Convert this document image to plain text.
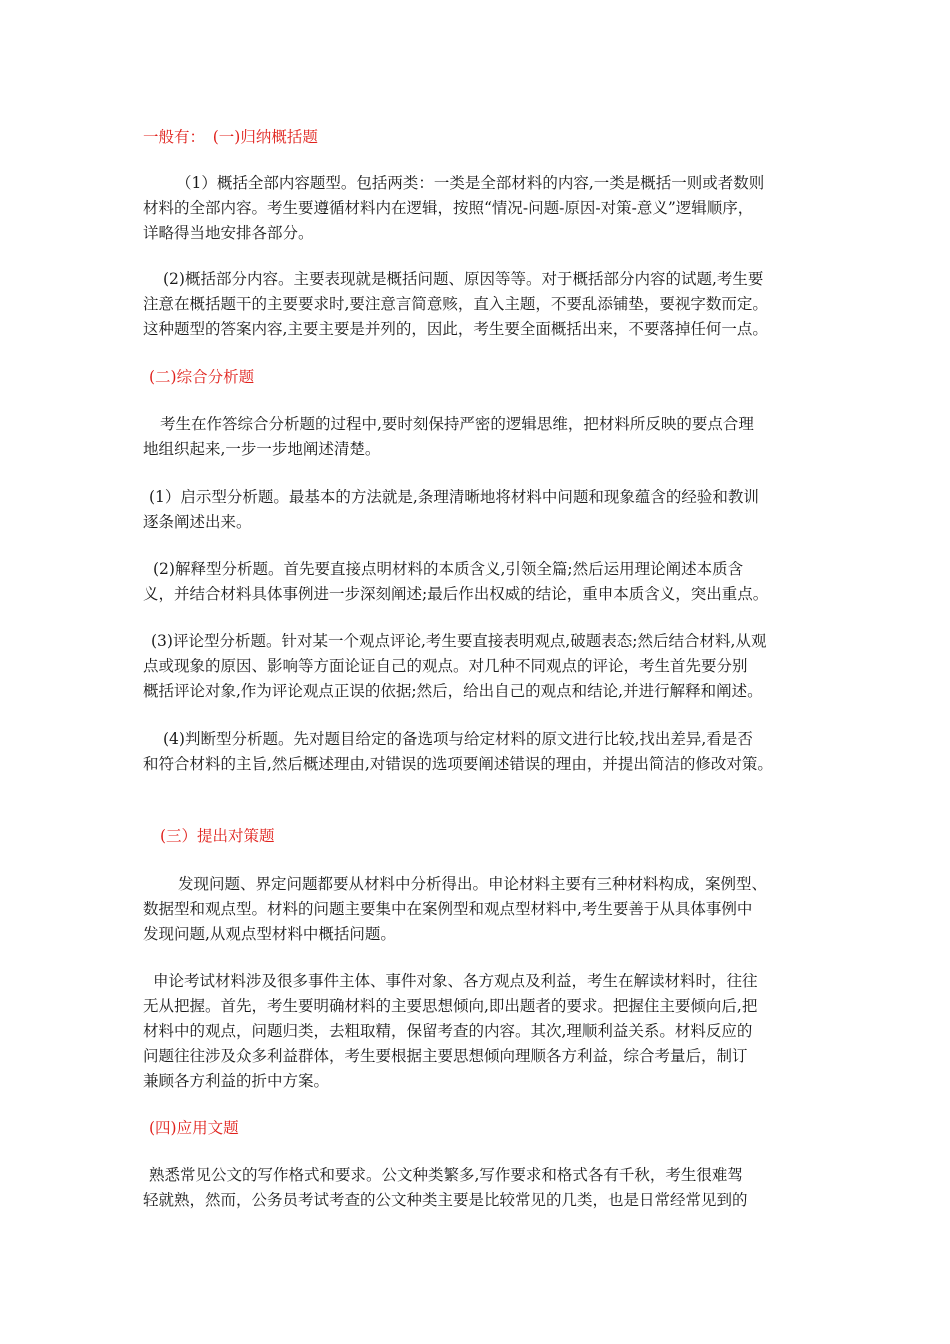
一般有：　(一)归纳概括题
（1）概括全部内容题型。包括两类：一类是全部材料的内容,一类是概括一则或者数则
材料的全部内容。考生要遵循材料内在逻辑，按照“情况-问题-原因-对策-意义”逻辑顺序，
详略得当地安排各部分。
(2)概括部分内容。主要表现就是概括问题、原因等等。对于概括部分内容的试题,考生要
注意在概括题干的主要要求时,要注意言简意赅，直入主题，不要乱添铺垫，要视字数而定。
这种题型的答案内容,主要主要是并列的，因此，考生要全面概括出来，不要落掉任何一点。
(二)综合分析题
考生在作答综合分析题的过程中,要时刻保持严密的逻辑思维，把材料所反映的要点合理
地组织起来,一步一步地阐述清楚。
(1）启示型分析题。最基本的方法就是,条理清晰地将材料中问题和现象蕴含的经验和教训
逐条阐述出来。
(2)解释型分析题。首先要直接点明材料的本质含义,引领全篇;然后运用理论阐述本质含
义，并结合材料具体事例进一步深刻阐述;最后作出权威的结论，重申本质含义，突出重点。
(3)评论型分析题。针对某一个观点评论,考生要直接表明观点,破题表态;然后结合材料,从观
点或现象的原因、影响等方面论证自己的观点。对几种不同观点的评论，考生首先要分别
概括评论对象,作为评论观点正误的依据;然后，给出自己的观点和结论,并进行解释和阐述。
(4)判断型分析题。先对题目给定的备选项与给定材料的原文进行比较,找出差异,看是否
和符合材料的主旨,然后概述理由,对错误的选项要阐述错误的理由，并提出简洁的修改对策。
(三）提出对策题
发现问题、界定问题都要从材料中分析得出。申论材料主要有三种材料构成，案例型、
数据型和观点型。材料的问题主要集中在案例型和观点型材料中,考生要善于从具体事例中
发现问题,从观点型材料中概括问题。
申论考试材料涉及很多事件主体、事件对象、各方观点及利益，考生在解读材料时，往往
无从把握。首先，考生要明确材料的主要思想倾向,即出题者的要求。把握住主要倾向后,把
材料中的观点，问题归类，去粗取精，保留考查的内容。其次,理顺利益关系。材料反应的
问题往往涉及众多利益群体，考生要根据主要思想倾向理顺各方利益，综合考量后，制订
兼顾各方利益的折中方案。
(四)应用文题
熟悉常见公文的写作格式和要求。公文种类繁多,写作要求和格式各有千秋，考生很难驾
轻就熟，然而，公务员考试考查的公文种类主要是比较常见的几类，也是日常经常见到的
